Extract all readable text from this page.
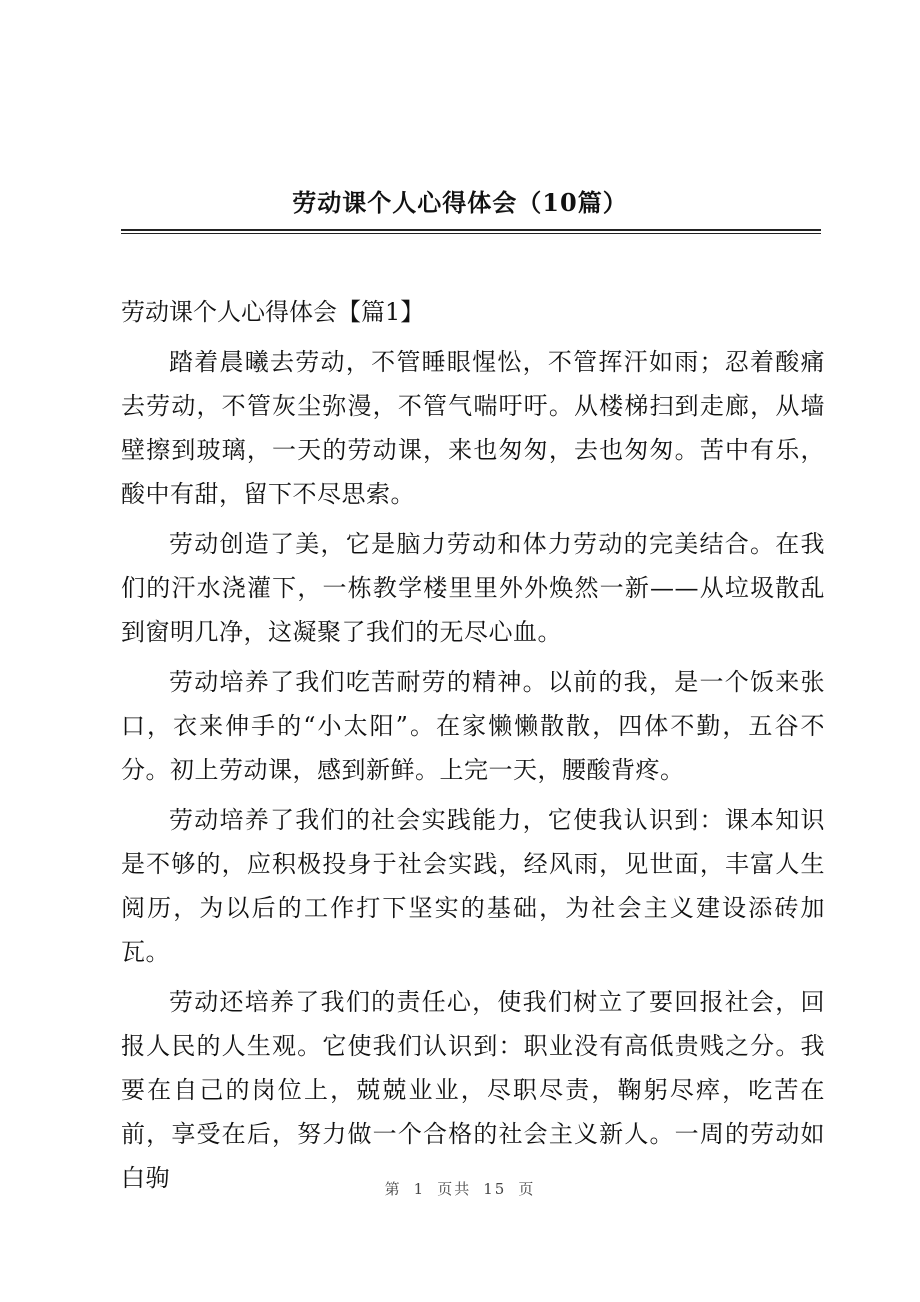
劳动课个人心得体会（10篇）
劳动课个人心得体会【篇1】

踏着晨曦去劳动，不管睡眼惺忪，不管挥汗如雨；忍着酸痛去劳动，不管灰尘弥漫，不管气喘吁吁。从楼梯扫到走廊，从墙壁擦到玻璃，一天的劳动课，来也匆匆，去也匆匆。苦中有乐，酸中有甜，留下不尽思索。

劳动创造了美，它是脑力劳动和体力劳动的完美结合。在我们的汗水浇灌下，一栋教学楼里里外外焕然一新——从垃圾散乱到窗明几净，这凝聚了我们的无尽心血。

劳动培养了我们吃苦耐劳的精神。以前的我，是一个饭来张口，衣来伸手的“小太阳”。在家懒懒散散，四体不勤，五谷不分。初上劳动课，感到新鲜。上完一天，腰酸背疼。

劳动培养了我们的社会实践能力，它使我认识到：课本知识是不够的，应积极投身于社会实践，经风雨，见世面，丰富人生阅历，为以后的工作打下坚实的基础，为社会主义建设添砖加瓦。

劳动还培养了我们的责任心，使我们树立了要回报社会，回报人民的人生观。它使我们认识到：职业没有高低贵贱之分。我要在自己的岗位上，兢兢业业，尽职尽责，鞠躬尽瘁，吃苦在前，享受在后，努力做一个合格的社会主义新人。一周的劳动如白驹	第 1 页共 15 页
